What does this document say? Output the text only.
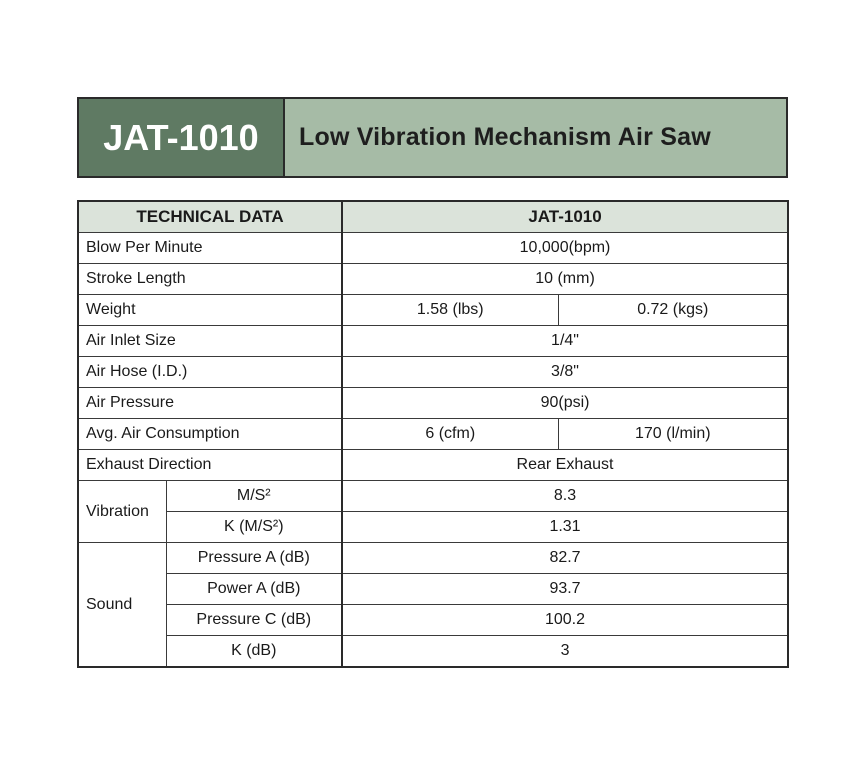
JAT-1010	Low Vibration Mechanism Air Saw
TECHNICAL DATA		JAT-1010	
Blow Per Minute		10,000(bpm)	
Stroke Length		10 (mm)	
Weight		1.58 (lbs)	0.72 (kgs)
Air Inlet Size		1/4"	
Air Hose (I.D.)		3/8"	
Air Pressure		90(psi)	
Avg. Air Consumption		6 (cfm)	170 (l/min)
Exhaust Direction		Rear Exhaust	
Vibration	M/S²	8.3	
	K (M/S²)	1.31	
Sound	Pressure A (dB)	82.7	
	Power A (dB)	93.7	
	Pressure C (dB)	100.2	
	K (dB)	3	
